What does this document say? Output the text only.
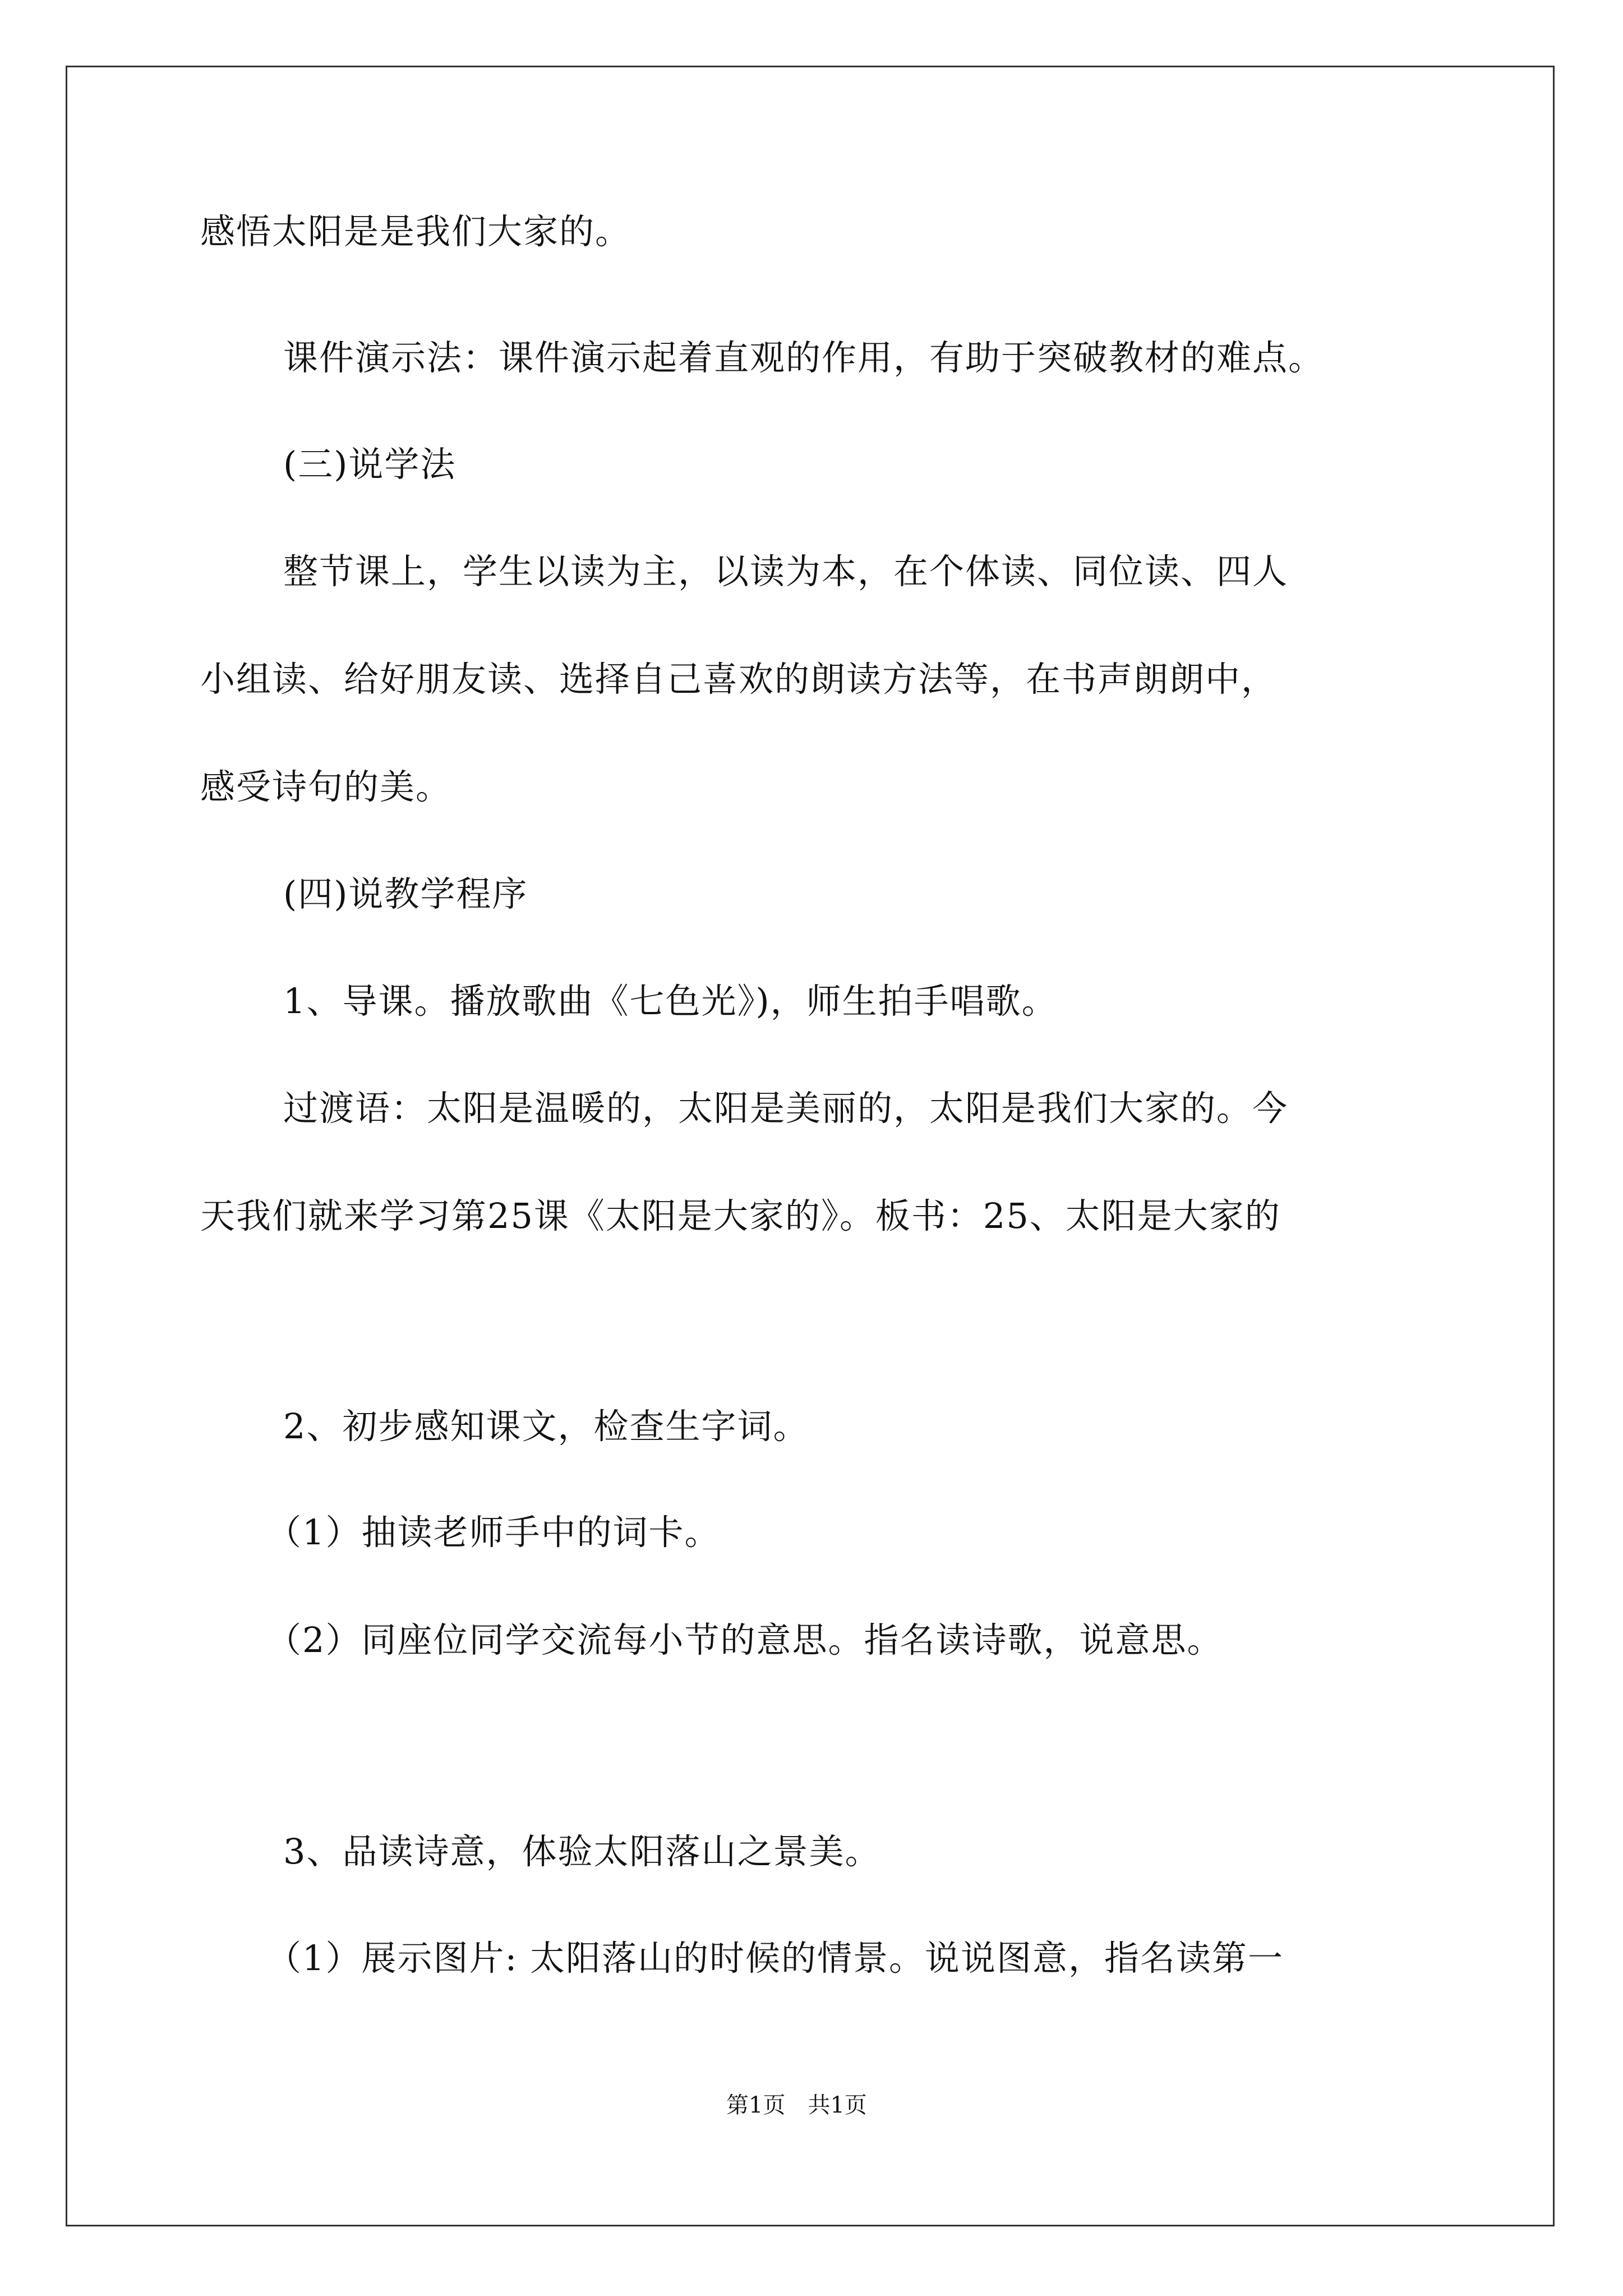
感悟太阳是是我们大家的。
课件演示法：课件演示起着直观的作用，有助于突破教材的难点。
(三)说学法
整节课上，学生以读为主，以读为本，在个体读、同位读、四人
小组读、给好朋友读、选择自己喜欢的朗读方法等，在书声朗朗中，
感受诗句的美。
(四)说教学程序
1、导课。播放歌曲《七色光》)，师生拍手唱歌。
过渡语：太阳是温暖的，太阳是美丽的，太阳是我们大家的。今
天我们就来学习第25课《太阳是大家的》。板书：25、太阳是大家的
2、初步感知课文，检查生字词。
（1）抽读老师手中的词卡。
（2）同座位同学交流每小节的意思。指名读诗歌，说意思。
3、品读诗意，体验太阳落山之景美。
（1）展示图片: 太阳落山的时候的情景。说说图意，指名读第一
第1页 共1页
